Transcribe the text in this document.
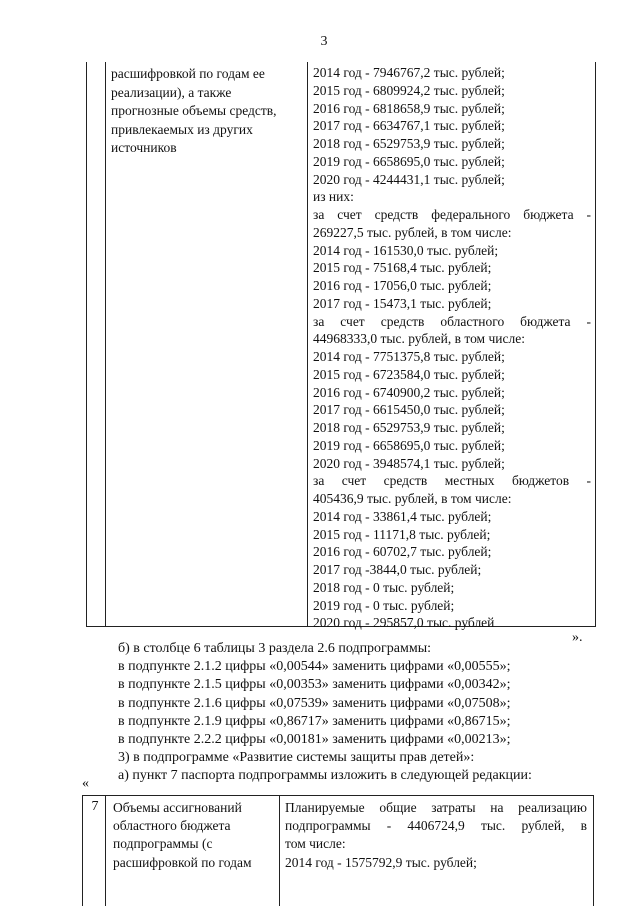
3
расшифровкой по годам ее
реализации), а также
прогнозные объемы средств,
привлекаемых из других
источников
2014 год - 7946767,2 тыс. рублей;
2015 год - 6809924,2 тыс. рублей;
2016 год - 6818658,9 тыс. рублей;
2017 год - 6634767,1 тыс. рублей;
2018 год - 6529753,9 тыс. рублей;
2019 год - 6658695,0 тыс. рублей;
2020 год - 4244431,1 тыс. рублей;
из них:
за счет средств федерального бюджета -
269227,5 тыс. рублей, в том числе:
2014 год - 161530,0 тыс. рублей;
2015 год - 75168,4 тыс. рублей;
2016 год - 17056,0 тыс. рублей;
2017 год - 15473,1 тыс. рублей;
за счет средств областного бюджета -
44968333,0 тыс. рублей, в том числе:
2014 год - 7751375,8 тыс. рублей;
2015 год - 6723584,0 тыс. рублей;
2016 год - 6740900,2 тыс. рублей;
2017 год - 6615450,0 тыс. рублей;
2018 год - 6529753,9 тыс. рублей;
2019 год - 6658695,0 тыс. рублей;
2020 год - 3948574,1 тыс. рублей;
за счет средств местных бюджетов -
405436,9 тыс. рублей, в том числе:
2014 год - 33861,4 тыс. рублей;
2015 год - 11171,8 тыс. рублей;
2016 год - 60702,7 тыс. рублей;
2017 год -3844,0 тыс. рублей;
2018 год - 0 тыс. рублей;
2019 год - 0 тыс. рублей;
2020 год - 295857,0 тыс. рублей
».
б) в столбце 6 таблицы 3 раздела 2.6 подпрограммы:
в подпункте 2.1.2 цифры «0,00544» заменить цифрами «0,00555»;
в подпункте 2.1.5 цифры «0,00353» заменить цифрами «0,00342»;
в подпункте 2.1.6 цифры «0,07539» заменить цифрами «0,07508»;
в подпункте 2.1.9 цифры «0,86717» заменить цифрами «0,86715»;
в подпункте 2.2.2 цифры «0,00181» заменить цифрами «0,00213»;
3) в подпрограмме «Развитие системы защиты прав детей»:
а) пункт 7 паспорта подпрограммы изложить в следующей редакции:
«
7	Объемы ассигнований
областного бюджета
подпрограммы (с
расшифровкой по годам
Планируемые общие затраты на реализацию
подпрограммы - 4406724,9 тыс. рублей, в
том числе:
2014 год - 1575792,9 тыс. рублей;
